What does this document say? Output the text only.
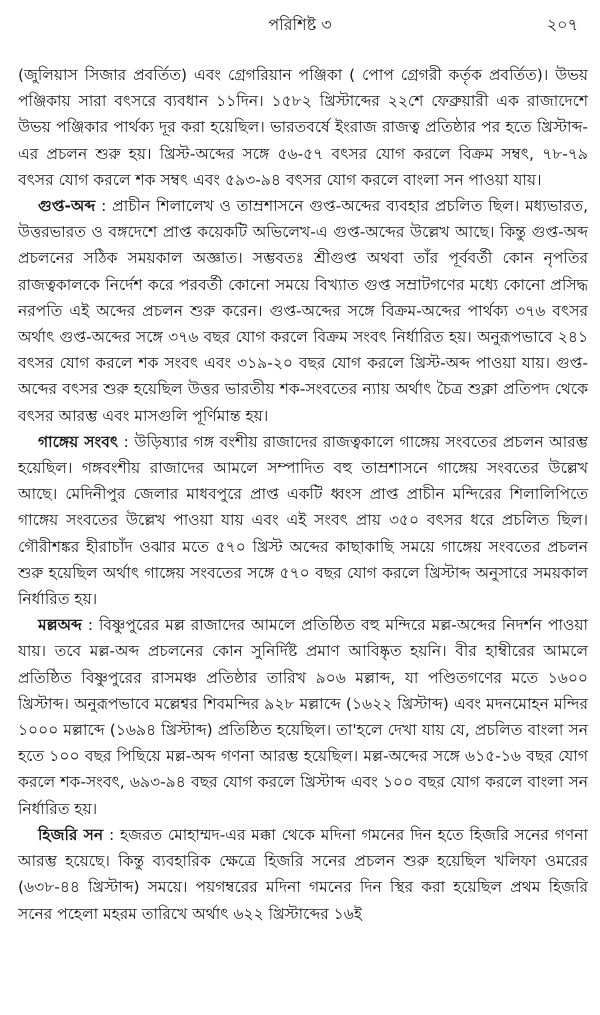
পরিশিষ্ট ৩	২০৭

(জুলিয়াস সিজার প্রবর্তিত) এবং গ্রেগরিয়ান পঞ্জিকা ( পোপ গ্রেগরী কর্তৃক প্রবর্তিত)। উভয় পঞ্জিকায় সারা বৎসরে ব্যবধান ১১দিন। ১৫৮২ খ্রিস্টাব্দের ২২শে ফেব্রুয়ারী এক রাজাদেশে উভয় পঞ্জিকার পার্থক্য দূর করা হয়েছিল। ভারতবর্ষে ইংরাজ রাজত্ব প্রতিষ্ঠার পর হতে খ্রিস্টাব্দ-এর প্রচলন শুরু হয়। খ্রিস্ট-অব্দের সঙ্গে ৫৬-৫৭ বৎসর যোগ করলে বিক্রম সম্বৎ, ৭৮-৭৯ বৎসর যোগ করলে শক সম্বৎ এবং ৫৯৩-৯৪ বৎসর যোগ করলে বাংলা সন পাওয়া যায়।

গুপ্ত-অব্দ : প্রাচীন শিলালেখ ও তাম্রশাসনে গুপ্ত-অব্দের ব্যবহার প্রচলিত ছিল। মধ্যভারত, উত্তরভারত ও বঙ্গদেশে প্রাপ্ত কয়েকটি অভিলেখ-এ গুপ্ত-অব্দের উল্লেখ আছে। কিন্তু গুপ্ত-অব্দ প্রচলনের সঠিক সময়কাল অজ্ঞাত। সম্ভবতঃ শ্রীগুপ্ত অথবা তাঁর পূর্ববর্তী কোন নৃপতির রাজত্বকালকে নির্দেশ করে পরবর্তী কোনো সময়ে বিখ্যাত গুপ্ত সম্রাটগণের মধ্যে কোনো প্রসিদ্ধ নরপতি এই অব্দের প্রচলন শুরু করেন। গুপ্ত-অব্দের সঙ্গে বিক্রম-অব্দের পার্থক্য ৩৭৬ বৎসর অর্থাৎ গুপ্ত-অব্দের সঙ্গে ৩৭৬ বছর যোগ করলে বিক্রম সংবৎ নির্ধারিত হয়। অনুরূপভাবে ২৪১ বৎসর যোগ করলে শক সংবৎ এবং ৩১৯-২০ বছর যোগ করলে খ্রিস্ট-অব্দ পাওয়া যায়। গুপ্ত-অব্দের বৎসর শুরু হয়েছিল উত্তর ভারতীয় শক-সংবতের ন্যায় অর্থাৎ চৈত্র শুক্লা প্রতিপদ থেকে বৎসর আরম্ভ এবং মাসগুলি পূর্ণিমান্ত হয়।

গাঙ্গেয় সংবৎ : উড়িষ্যার গঙ্গ বংশীয় রাজাদের রাজত্বকালে গাঙ্গেয় সংবতের প্রচলন আরম্ভ হয়েছিল। গঙ্গবংশীয় রাজাদের আমলে সম্পাদিত বহু তাম্রশাসনে গাঙ্গেয় সংবতের উল্লেখ আছে। মেদিনীপুর জেলার মাধবপুরে প্রাপ্ত একটি ধ্বংস প্রাপ্ত প্রাচীন মন্দিরের শিলালিপিতে গাঙ্গেয় সংবতের উল্লেখ পাওয়া যায় এবং এই সংবৎ প্রায় ৩৫০ বৎসর ধরে প্রচলিত ছিল। গৌরীশঙ্কর হীরাচাঁদ ওঝার মতে ৫৭০ খ্রিস্ট অব্দের কাছাকাছি সময়ে গাঙ্গেয় সংবতের প্রচলন শুরু হয়েছিল অর্থাৎ গাঙ্গেয় সংবতের সঙ্গে ৫৭০ বছর যোগ করলে খ্রিস্টাব্দ অনুসারে সময়কাল নির্ধারিত হয়।

মল্লঅব্দ : বিষ্ণুপুরের মল্ল রাজাদের আমলে প্রতিষ্ঠিত বহু মন্দিরে মল্ল-অব্দের নিদর্শন পাওয়া যায়। তবে মল্ল-অব্দ প্রচলনের কোন সুনির্দিষ্ট প্রমাণ আবিষ্কৃত হয়নি। বীর হাম্বীরের আমলে প্রতিষ্ঠিত বিষ্ণুপুরের রাসমঞ্চ প্রতিষ্ঠার তারিখ ৯০৬ মল্লাব্দ, যা পণ্ডিতগণের মতে ১৬০০ খ্রিস্টাব্দ। অনুরূপভাবে মল্লেশ্বর শিবমন্দির ৯২৮ মল্লাব্দে (১৬২২ খ্রিস্টাব্দ) এবং মদনমোহন মন্দির ১০০০ মল্লাব্দে (১৬৯৪ খ্রিস্টাব্দ) প্রতিষ্ঠিত হয়েছিল। তা'হলে দেখা যায় যে, প্রচলিত বাংলা সন হতে ১০০ বছর পিছিয়ে মল্ল-অব্দ গণনা আরম্ভ হয়েছিল। মল্ল-অব্দের সঙ্গে ৬১৫-১৬ বছর যোগ করলে শক-সংবৎ, ৬৯৩-৯৪ বছর যোগ করলে খ্রিস্টাব্দ এবং ১০০ বছর যোগ করলে বাংলা সন নির্ধারিত হয়।

হিজরি সন : হজরত মোহাম্মদ-এর মক্কা থেকে মদিনা গমনের দিন হতে হিজরি সনের গণনা আরম্ভ হয়েছে। কিন্তু ব্যবহারিক ক্ষেত্রে হিজরি সনের প্রচলন শুরু হয়েছিল খলিফা ওমরের (৬৩৮-৪৪ খ্রিস্টাব্দ) সময়ে। পয়গম্বরের মদিনা গমনের দিন স্থির করা হয়েছিল প্রথম হিজরি সনের পহেলা মহরম তারিখে অর্থাৎ ৬২২ খ্রিস্টাব্দের ১৬ই
